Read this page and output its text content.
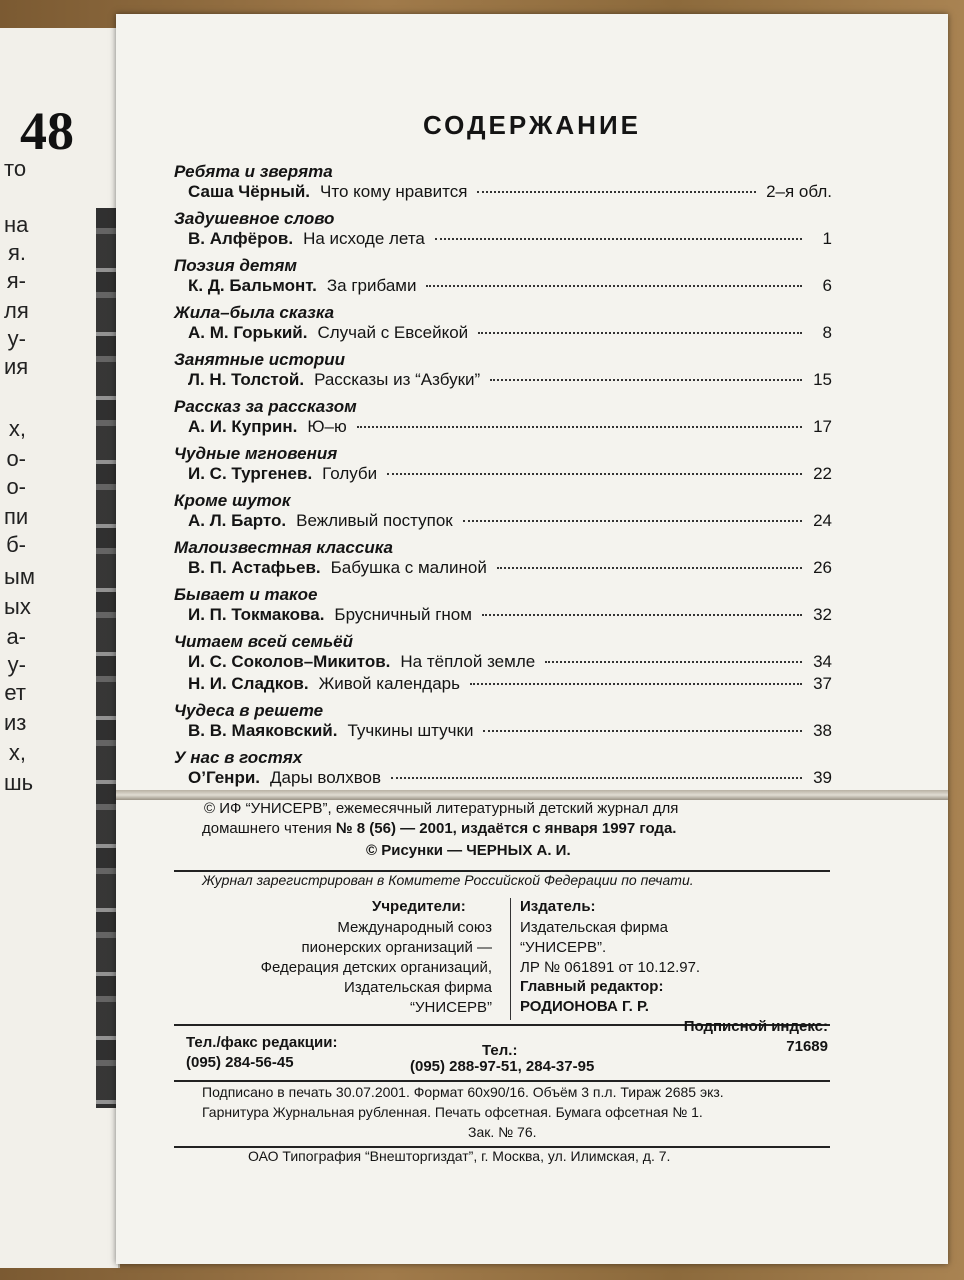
48
то
на
я.
я-
ля
у-
ия
х,
о-
о-
пи
б-
ым
ых
а-
у-
ет
из
х,
шь
СОДЕРЖАНИЕ
Ребята и зверята
Саша Чёрный. Что кому нравится	2–я обл.
Задушевное слово
В. Алфёров. На исходе лета	1
Поэзия детям
К. Д. Бальмонт. За грибами	6
Жила–была сказка
А. М. Горький. Случай с Евсейкой	8
Занятные истории
Л. Н. Толстой. Рассказы из “Азбуки”	15
Рассказ за рассказом
А. И. Куприн. Ю–ю	17
Чудные мгновения
И. С. Тургенев. Голуби	22
Кроме шуток
А. Л. Барто. Вежливый поступок	24
Малоизвестная классика
В. П. Астафьев. Бабушка с малиной	26
Бывает и такое
И. П. Токмакова. Брусничный гном	32
Читаем всей семьёй
И. С. Соколов–Микитов. На тёплой земле	34
Н. И. Сладков. Живой календарь	37
Чудеса в решете
В. В. Маяковский. Тучкины штучки	38
У нас в гостях
О’Генри. Дары волхвов	39
© ИФ “УНИСЕРВ”, ежемесячный литературный детский журнал для
домашнего чтения № 8 (56) — 2001, издаётся с января 1997 года.
© Рисунки — ЧЕРНЫХ А. И.
Журнал зарегистрирован в Комитете Российской Федерации по печати.
Учредители:
Международный союз
пионерских организаций —
Федерация детских организаций,
Издательская фирма
“УНИСЕРВ”
Издатель:
Издательская фирма
“УНИСЕРВ”.
ЛР № 061891 от 10.12.97.
Главный редактор:
РОДИОНОВА Г. Р.
Тел./факс редакции:
(095) 284-56-45
Тел.:
(095) 288-97-51, 284-37-95
Подписной индекс:
71689
Подписано в печать 30.07.2001. Формат 60x90/16. Объём 3 п.л. Тираж 2685 экз.
Гарнитура Журнальная рубленная. Печать офсетная. Бумага офсетная № 1.
Зак. № 76.
ОАО Типография “Внешторгиздат”, г. Москва, ул. Илимская, д. 7.
